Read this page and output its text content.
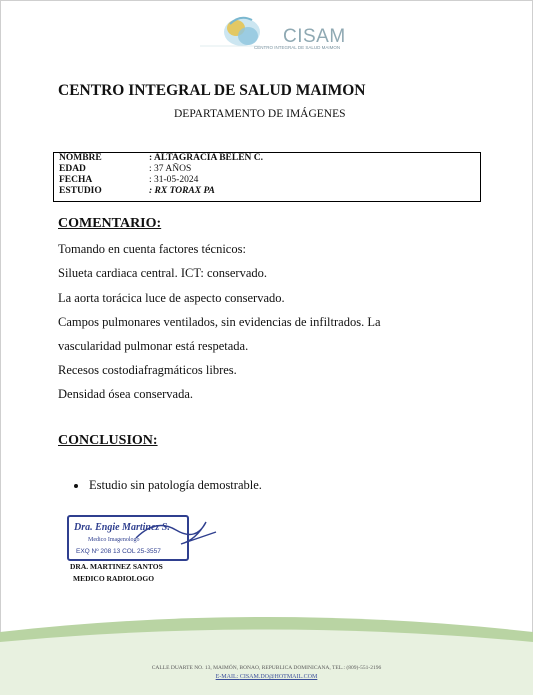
CISAM
CENTRO INTEGRAL DE SALUD MAIMON
CENTRO INTEGRAL DE SALUD MAIMON
DEPARTAMENTO DE IMÁGENES
NOMBRE	: ALTAGRACIA BELEN C.
EDAD	: 37 AÑOS
FECHA	: 31-05-2024
ESTUDIO	: RX TORAX PA
COMENTARIO:
Tomando en cuenta factores técnicos:
Silueta cardiaca central. ICT: conservado.
La aorta torácica luce de aspecto conservado.
Campos pulmonares ventilados, sin evidencias de infiltrados. La
vascularidad pulmonar está respetada.
Recesos costodiafragmáticos libres.
Densidad ósea conservada.
CONCLUSION:
Estudio sin patología demostrable.
Dra. Engie Martinez S.
Medico Imagenologo
EXQ Nº 208 13 COL 25-3557
DRA. MARTINEZ SANTOS
MEDICO RADIOLOGO
CALLE DUARTE NO. 13, MAIMÓN, BONAO, REPUBLICA DOMINICANA, TEL.: (809)-551-2196
E-MAIL: CISAM.DO@HOTMAIL.COM
